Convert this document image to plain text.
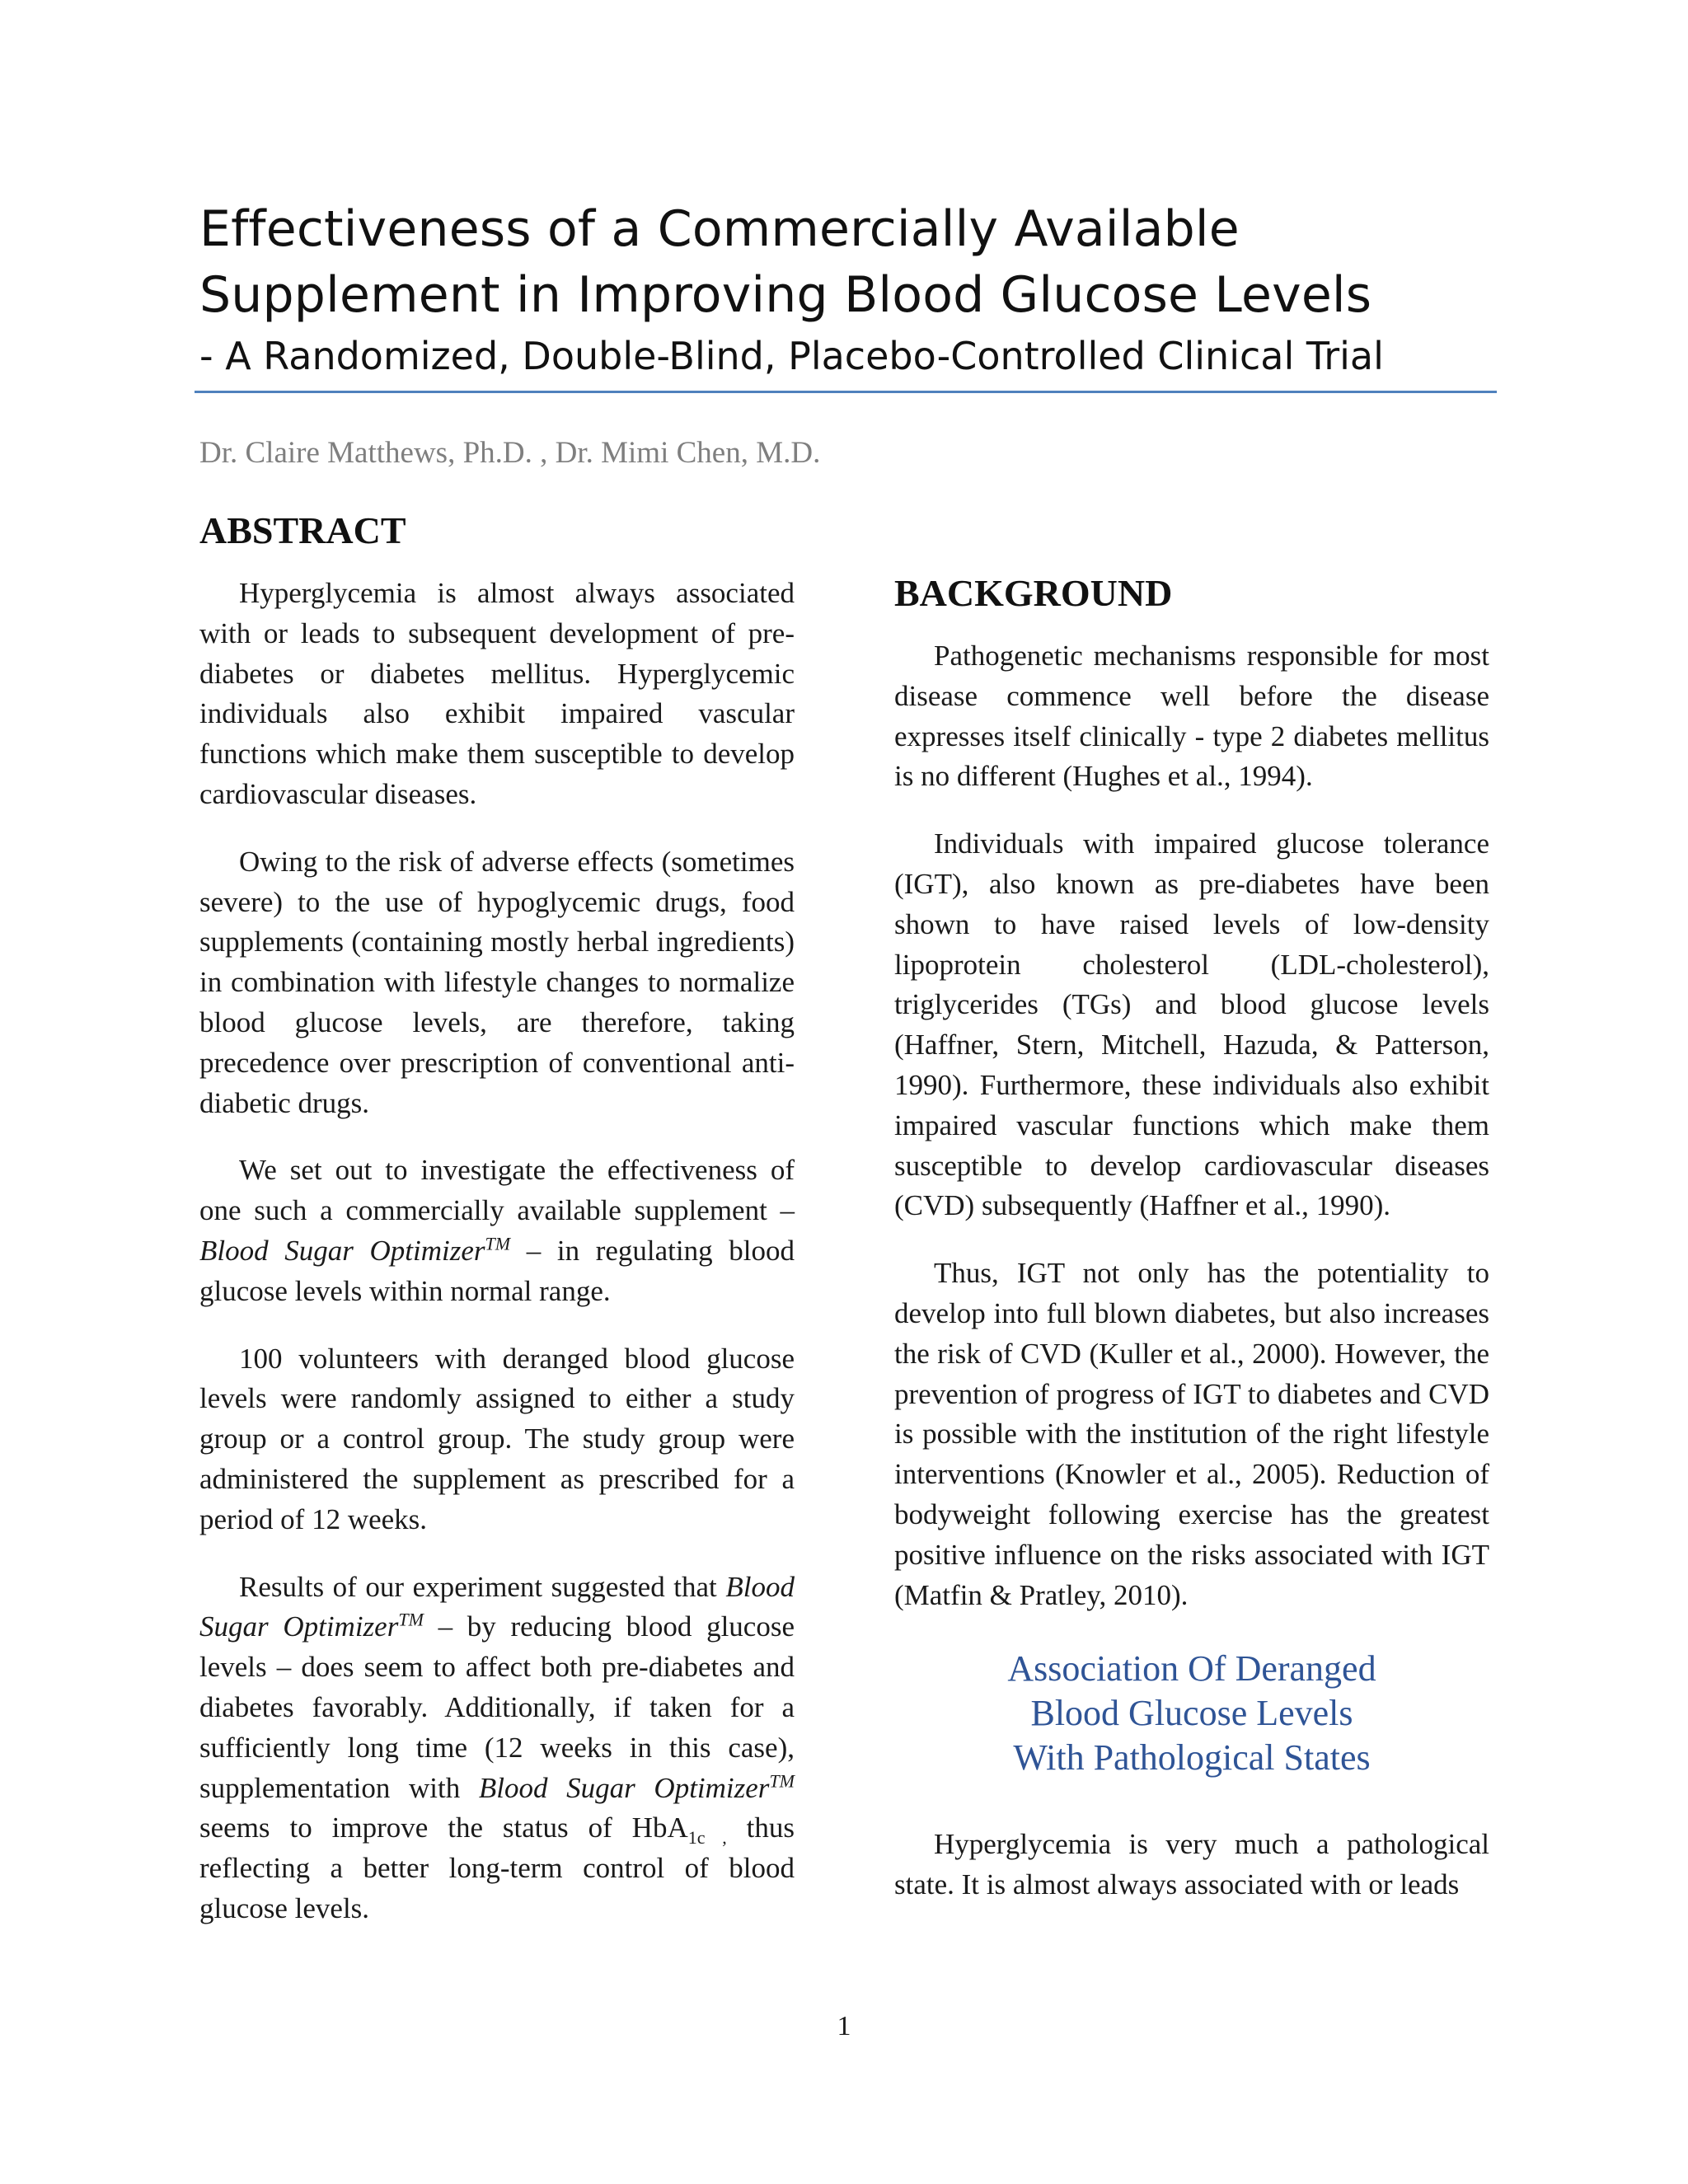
Effectiveness of a Commercially Available
Supplement in Improving Blood Glucose Levels
- A Randomized, Double-Blind, Placebo-Controlled Clinical Trial
Dr. Claire Matthews, Ph.D. , Dr. Mimi Chen, M.D.
ABSTRACT

Hyperglycemia is almost always associated with or leads to subsequent development of pre-diabetes or diabetes mellitus. Hyperglycemic individuals also exhibit impaired vascular functions which make them susceptible to develop cardiovascular diseases.

Owing to the risk of adverse effects (sometimes severe) to the use of hypoglycemic drugs, food supplements (containing mostly herbal ingredients) in combination with lifestyle changes to normalize blood glucose levels, are therefore, taking precedence over prescription of conventional anti-diabetic drugs.

We set out to investigate the effectiveness of one such a commercially available supplement – Blood Sugar Optimizer™ – in regulating blood glucose levels within normal range.

100 volunteers with deranged blood glucose levels were randomly assigned to either a study group or a control group. The study group were administered the supplement as prescribed for a period of 12 weeks.

Results of our experiment suggested that Blood Sugar Optimizer™ – by reducing blood glucose levels – does seem to affect both pre-diabetes and diabetes favorably. Additionally, if taken for a sufficiently long time (12 weeks in this case), supplementation with Blood Sugar Optimizer™ seems to improve the status of HbA$_{1c ,}$ thus reflecting a better long-term control of blood glucose levels.

BACKGROUND

Pathogenetic mechanisms responsible for most disease commence well before the disease expresses itself clinically - type 2 diabetes mellitus is no different (Hughes et al., 1994).

Individuals with impaired glucose tolerance (IGT), also known as pre-diabetes have been shown to have raised levels of low-density lipoprotein cholesterol (LDL-cholesterol), triglycerides (TGs) and blood glucose levels (Haffner, Stern, Mitchell, Hazuda, & Patterson, 1990). Furthermore, these individuals also exhibit impaired vascular functions which make them susceptible to develop cardiovascular diseases (CVD) subsequently (Haffner et al., 1990).

Thus, IGT not only has the potentiality to develop into full blown diabetes, but also increases the risk of CVD (Kuller et al., 2000). However, the prevention of progress of IGT to diabetes and CVD is possible with the institution of the right lifestyle interventions (Knowler et al., 2005). Reduction of bodyweight following exercise has the greatest positive influence on the risks associated with IGT (Matfin & Pratley, 2010).

Association Of Deranged
Blood Glucose Levels
With Pathological States

Hyperglycemia is very much a pathological state. It is almost always associated with or leads

1
